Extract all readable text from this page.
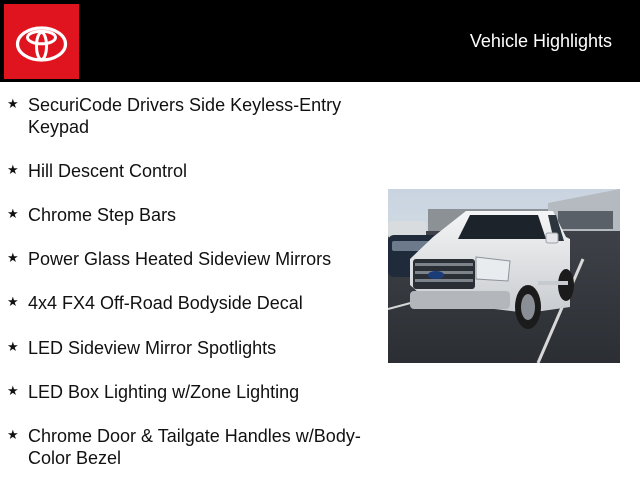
Vehicle Highlights
★ SecuriCode Drivers Side Keyless-Entry Keypad
★ Hill Descent Control
★ Chrome Step Bars
★ Power Glass Heated Sideview Mirrors
★ 4x4 FX4 Off-Road Bodyside Decal
★ LED Sideview Mirror Spotlights
★ LED Box Lighting w/Zone Lighting
★ Chrome Door & Tailgate Handles w/Body-Color Bezel
